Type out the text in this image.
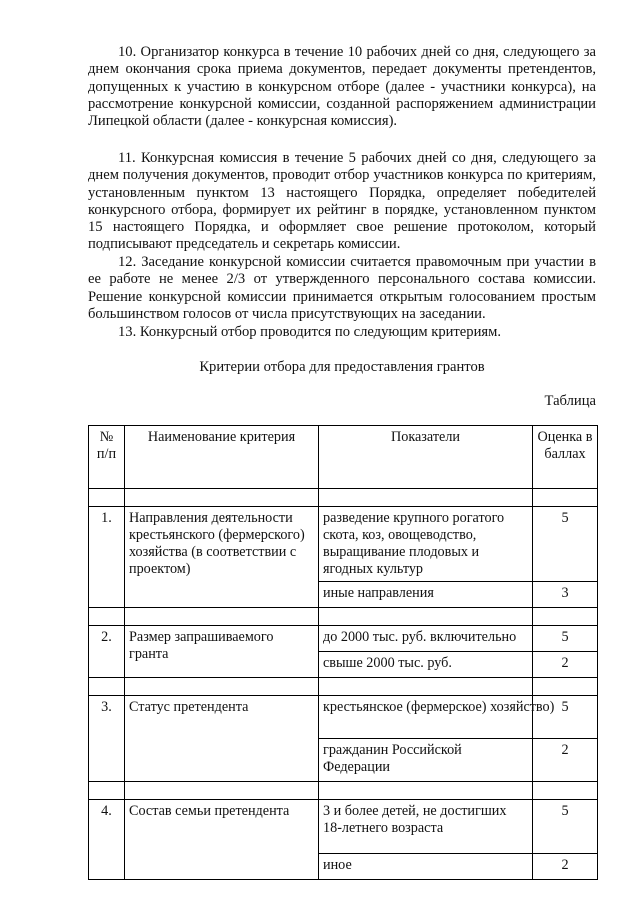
10. Организатор конкурса в течение 10 рабочих дней со дня, следующего за днем окончания срока приема документов, передает документы претендентов, допущенных к участию в конкурсном отборе (далее - участники конкурса), на рассмотрение конкурсной комиссии, созданной распоряжением администрации Липецкой области (далее - конкурсная комиссия).

11. Конкурсная комиссия в течение 5 рабочих дней со дня, следующего за днем получения документов, проводит отбор участников конкурса по критериям, установленным пунктом 13 настоящего Порядка, определяет победителей конкурсного отбора, формирует их рейтинг в порядке, установленном пунктом 15 настоящего Порядка, и оформляет свое решение протоколом, который подписывают председатель и секретарь комиссии.

12. Заседание конкурсной комиссии считается правомочным при участии в ее работе не менее 2/3 от утвержденного персонального состава комиссии. Решение конкурсной комиссии принимается открытым голосованием простым большинством голосов от числа присутствующих на заседании.

13. Конкурсный отбор проводится по следующим критериям.

Критерии отбора для предоставления грантов

Таблица

№ п/п	Наименование критерия	Показатели	Оценка в баллах

1.	Направления деятельности крестьянского (фермерского) хозяйства (в соответствии с проектом)	разведение крупного рогатого скота, коз, овощеводство, выращивание плодовых и ягодных культур	5
		иные направления	3

2.	Размер запрашиваемого гранта	до 2000 тыс. руб. включительно	5
		свыше 2000 тыс. руб.	2

3.	Статус претендента	крестьянское (фермерское) хозяйство)	5
		гражданин Российской Федерации	2

4.	Состав семьи претендента	3 и более детей, не достигших 18-летнего возраста	5
		иное	2
